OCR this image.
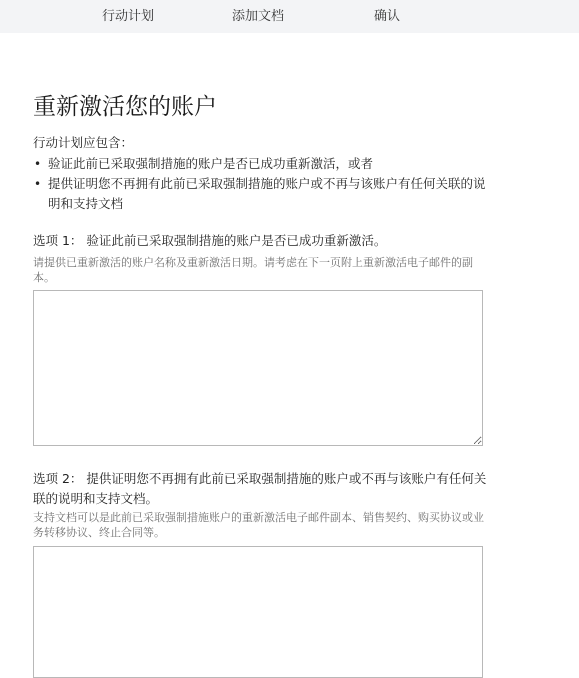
行动计划	添加文档	确认
重新激活您的账户
行动计划应包含：
• 验证此前已采取强制措施的账户是否已成功重新激活，或者
• 提供证明您不再拥有此前已采取强制措施的账户或不再与该账户有任何关联的说明和支持文档
选项 1： 验证此前已采取强制措施的账户是否已成功重新激活。
请提供已重新激活的账户名称及重新激活日期。请考虑在下一页附上重新激活电子邮件的副本。
选项 2： 提供证明您不再拥有此前已采取强制措施的账户或不再与该账户有任何关联的说明和支持文档。
支持文档可以是此前已采取强制措施账户的重新激活电子邮件副本、销售契约、购买协议或业务转移协议、终止合同等。
